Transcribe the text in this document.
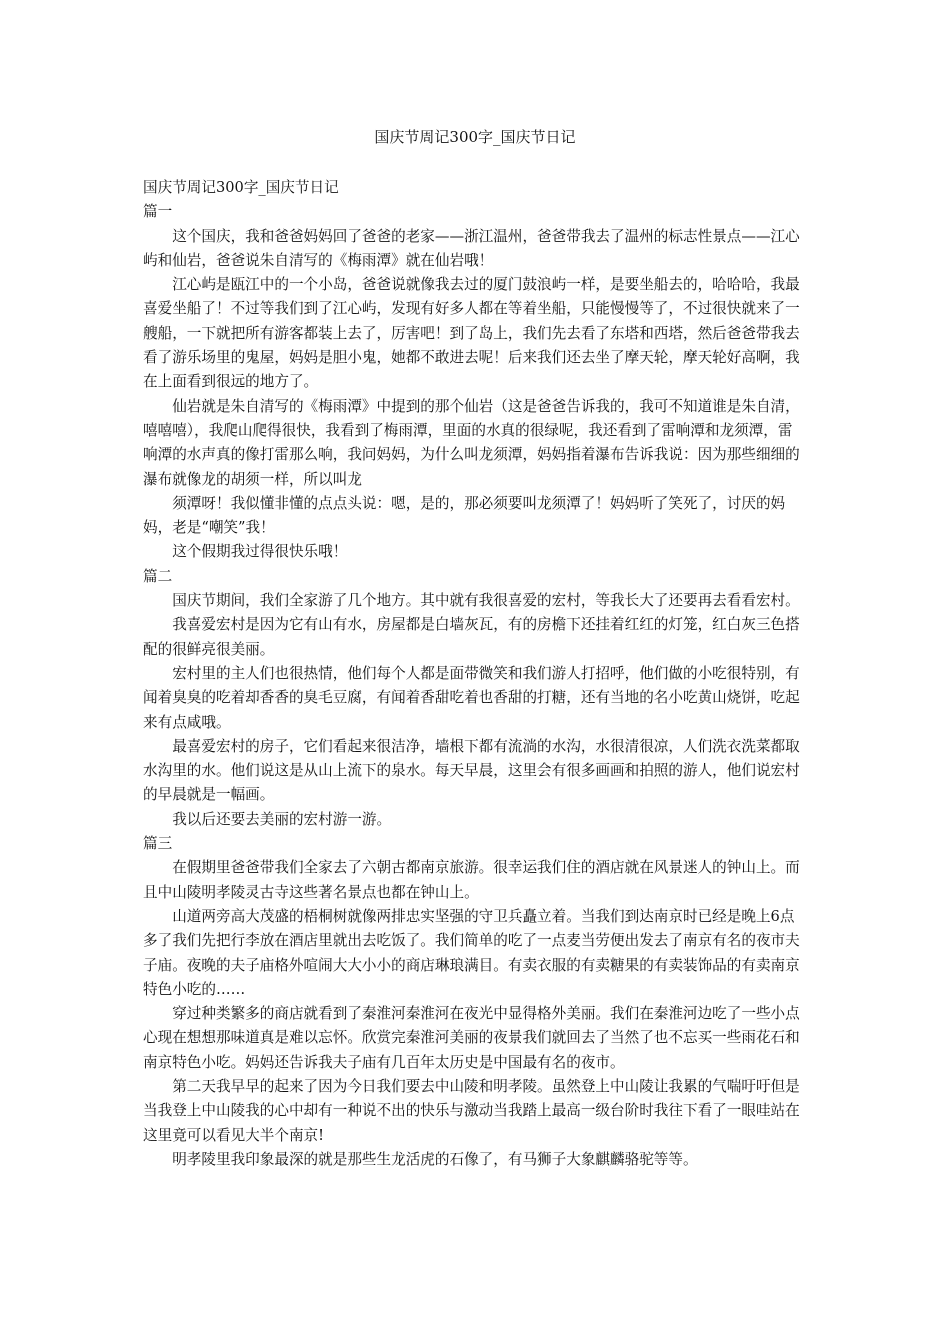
国庆节周记300字_国庆节日记

国庆节周记300字_国庆节日记

篇一

这个国庆，我和爸爸妈妈回了爸爸的老家——浙江温州，爸爸带我去了温州的标志性景点——江心屿和仙岩，爸爸说朱自清写的《梅雨潭》就在仙岩哦！

江心屿是瓯江中的一个小岛，爸爸说就像我去过的厦门鼓浪屿一样，是要坐船去的，哈哈哈，我最喜爱坐船了！不过等我们到了江心屿，发现有好多人都在等着坐船，只能慢慢等了，不过很快就来了一艘船，一下就把所有游客都装上去了，厉害吧！到了岛上，我们先去看了东塔和西塔，然后爸爸带我去看了游乐场里的鬼屋，妈妈是胆小鬼，她都不敢进去呢！后来我们还去坐了摩天轮，摩天轮好高啊，我在上面看到很远的地方了。

仙岩就是朱自清写的《梅雨潭》中提到的那个仙岩（这是爸爸告诉我的，我可不知道谁是朱自清，嘻嘻嘻），我爬山爬得很快，我看到了梅雨潭，里面的水真的很绿呢，我还看到了雷响潭和龙须潭，雷响潭的水声真的像打雷那么响，我问妈妈，为什么叫龙须潭，妈妈指着瀑布告诉我说：因为那些细细的瀑布就像龙的胡须一样，所以叫龙

须潭呀！我似懂非懂的点点头说：嗯，是的，那必须要叫龙须潭了！妈妈听了笑死了，讨厌的妈妈，老是“嘲笑”我！

这个假期我过得很快乐哦！

篇二

国庆节期间，我们全家游了几个地方。其中就有我很喜爱的宏村，等我长大了还要再去看看宏村。

我喜爱宏村是因为它有山有水，房屋都是白墙灰瓦，有的房檐下还挂着红红的灯笼，红白灰三色搭配的很鲜亮很美丽。

宏村里的主人们也很热情，他们每个人都是面带微笑和我们游人打招呼，他们做的小吃很特别，有闻着臭臭的吃着却香香的臭毛豆腐，有闻着香甜吃着也香甜的打糖，还有当地的名小吃黄山烧饼，吃起来有点咸哦。

最喜爱宏村的房子，它们看起来很洁净，墙根下都有流淌的水沟，水很清很凉，人们洗衣洗菜都取水沟里的水。他们说这是从山上流下的泉水。每天早晨，这里会有很多画画和拍照的游人，他们说宏村的早晨就是一幅画。

我以后还要去美丽的宏村游一游。

篇三

在假期里爸爸带我们全家去了六朝古都南京旅游。很幸运我们住的酒店就在风景迷人的钟山上。而且中山陵明孝陵灵古寺这些著名景点也都在钟山上。

山道两旁高大茂盛的梧桐树就像两排忠实坚强的守卫兵矗立着。当我们到达南京时已经是晚上6点多了我们先把行李放在酒店里就出去吃饭了。我们简单的吃了一点麦当劳便出发去了南京有名的夜市夫子庙。夜晚的夫子庙格外喧闹大大小小的商店琳琅满目。有卖衣服的有卖糖果的有卖装饰品的有卖南京特色小吃的……

穿过种类繁多的商店就看到了秦淮河秦淮河在夜光中显得格外美丽。我们在秦淮河边吃了一些小点心现在想想那味道真是难以忘怀。欣赏完秦淮河美丽的夜景我们就回去了当然了也不忘买一些雨花石和南京特色小吃。妈妈还告诉我夫子庙有几百年太历史是中国最有名的夜市。

第二天我早早的起来了因为今日我们要去中山陵和明孝陵。虽然登上中山陵让我累的气喘吁吁但是当我登上中山陵我的心中却有一种说不出的快乐与激动当我踏上最高一级台阶时我往下看了一眼哇站在这里竟可以看见大半个南京!

明孝陵里我印象最深的就是那些生龙活虎的石像了，有马狮子大象麒麟骆驼等等。
